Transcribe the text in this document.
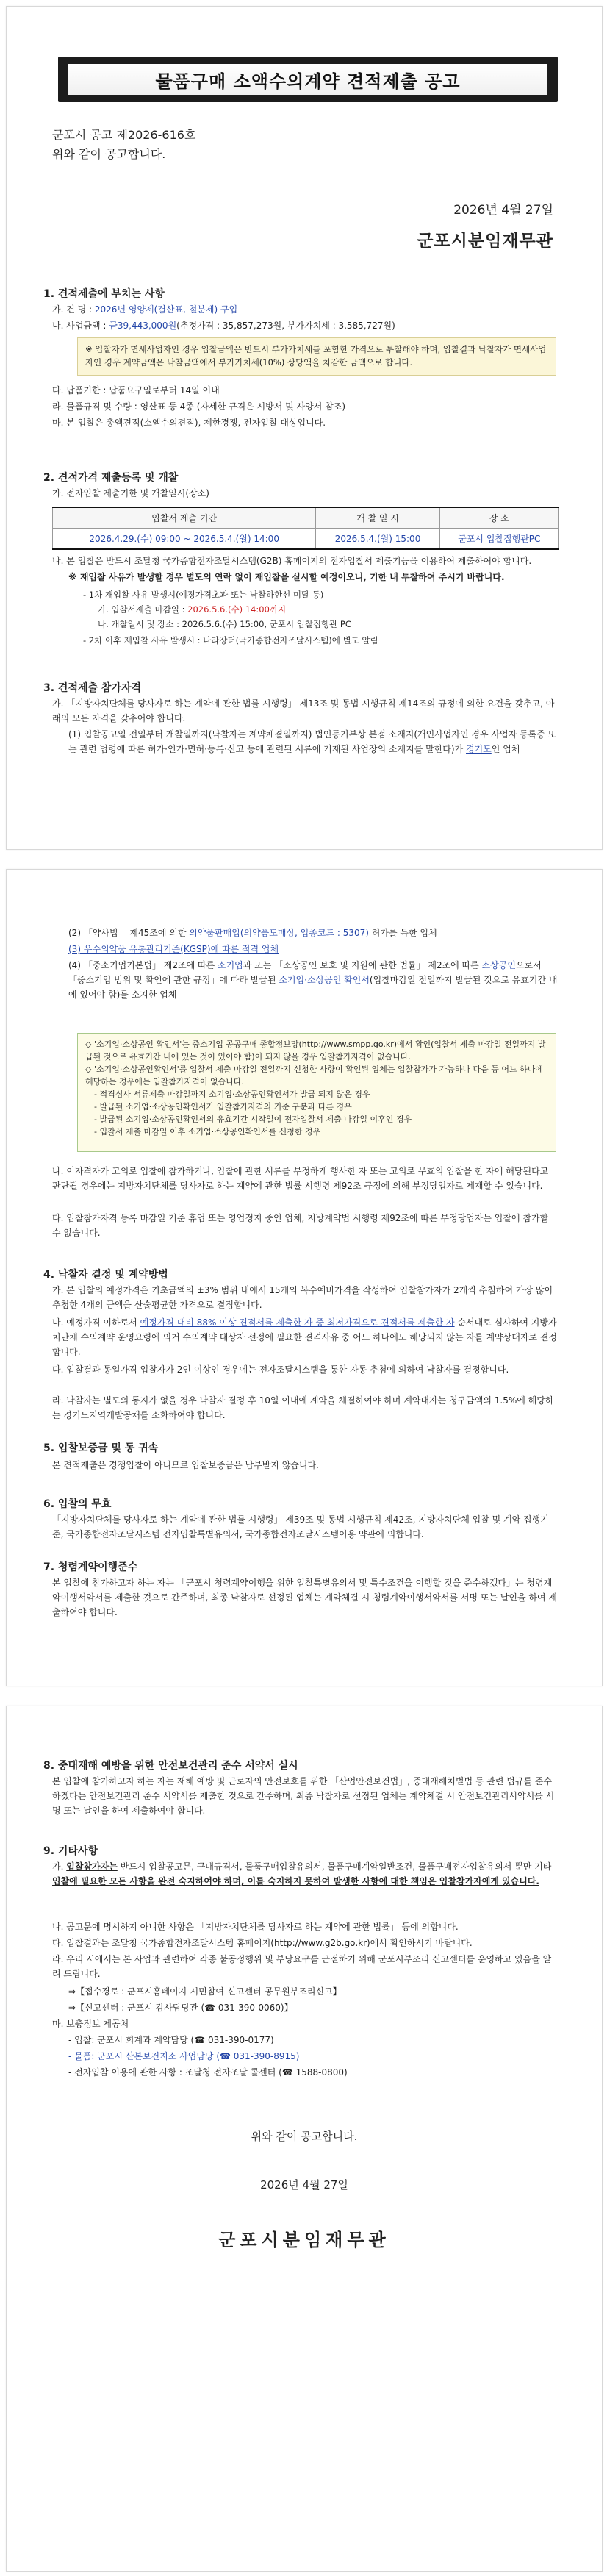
물품구매 소액수의계약 견적제출 공고
군포시 공고 제2026-616호
위와 같이 공고합니다.
2026년 4월 27일
군포시분임재무관
1. 견적제출에 부치는 사항
가. 건 명 : 2026년 영양제(결산표, 철분제) 구입
나. 사업금액 : 금39,443,000원(추정가격 : 35,857,273원, 부가가치세 : 3,585,727원)
※ 입찰자가 면세사업자인 경우 입찰금액은 반드시 부가가치세를 포함한 가격으로 투찰해야 하며, 입찰결과 낙찰자가 면세사업자인 경우 계약금액은 낙찰금액에서 부가가치세(10%) 상당액을 차감한 금액으로 합니다.
다. 납품기한 : 납품요구일로부터 14일 이내
라. 물품규격 및 수량 : 영산표 등 4종 (자세한 규격은 시방서 및 사양서 참조)
마. 본 입찰은 총액견적(소액수의견적), 제한경쟁, 전자입찰 대상입니다.
2. 견적가격 제출등록 및 개찰
가. 전자입찰 제출기한 및 개찰일시(장소)
입찰서 제출 기간	개 찰 일 시	장 소
2026.4.29.(수) 09:00 ~ 2026.5.4.(월) 14:00	2026.5.4.(월) 15:00	군포시 입찰집행관PC
나. 본 입찰은 반드시 조달청 국가종합전자조달시스템(G2B) 홈페이지의 전자입찰서 제출기능을 이용하여 제출하여야 합니다.
※ 재입찰 사유가 발생할 경우 별도의 연락 없이 재입찰을 실시할 예정이오니, 기한 내 투찰하여 주시기 바랍니다.
- 1차 재입찰 사유 발생시(예정가격초과 또는 낙찰하한선 미달 등)
가. 입찰서제출 마감일 : 2026.5.6.(수) 14:00까지
나. 개찰일시 및 장소 : 2026.5.6.(수) 15:00, 군포시 입찰집행관 PC
- 2차 이후 재입찰 사유 발생시 : 나라장터(국가종합전자조달시스템)에 별도 알림
3. 견적제출 참가자격
가. 「지방자치단체를 당사자로 하는 계약에 관한 법률 시행령」 제13조 및 동법 시행규칙 제14조의 규정에 의한 요건을 갖추고, 아래의 모든 자격을 갖추어야 합니다.
(1) 입찰공고일 전일부터 개찰일까지(낙찰자는 계약체결일까지) 법인등기부상 본점 소재지(개인사업자인 경우 사업자 등록증 또는 관련 법령에 따른 허가·인가·면허·등록·신고 등에 관련된 서류에 기재된 사업장의 소재지를 말한다)가 경기도인 업체
(2) 「약사법」 제45조에 의한 의약품판매업(의약품도매상, 업종코드 : 5307) 허가를 득한 업체
(3) 우수의약품 유통관리기준(KGSP)에 따른 적격 업체
(4) 「중소기업기본법」 제2조에 따른 소기업과 또는 「소상공인 보호 및 지원에 관한 법률」 제2조에 따른 소상공인으로서 「중소기업 범위 및 확인에 관한 규정」에 따라 발급된 소기업·소상공인 확인서(입찰마감일 전일까지 발급된 것으로 유효기간 내에 있어야 함)를 소지한 업체
◇ '소기업·소상공인 확인서'는 중소기업 공공구매 종합정보망(http://www.smpp.go.kr)에서 확인(입찰서 제출 마감일 전일까지 발급된 것으로 유효기간 내에 있는 것이 있어야 함)이 되지 않을 경우 입찰참가자격이 없습니다.
◇ '소기업·소상공인확인서'를 입찰서 제출 마감일 전일까지 신청한 사항이 확인된 업체는 입찰참가가 가능하나 다음 등 어느 하나에 해당하는 경우에는 입찰참가자격이 없습니다.
- 적격심사 서류제출 마감일까지 소기업·소상공인확인서가 발급 되지 않은 경우
- 발급된 소기업·소상공인확인서가 입찰참가자격의 기준 구분과 다른 경우
- 발급된 소기업·소상공인확인서의 유효기간 시작일이 전자입찰서 제출 마감일 이후인 경우
- 입찰서 제출 마감일 이후 소기업·소상공인확인서를 신청한 경우
나. 이자격자가 고의로 입찰에 참가하거나, 입찰에 관한 서류를 부정하게 행사한 자 또는 고의로 무효의 입찰을 한 자에 해당된다고 판단될 경우에는 지방자치단체를 당사자로 하는 계약에 관한 법률 시행령 제92조 규정에 의해 부정당업자로 제재할 수 있습니다.
다. 입찰참가자격 등록 마감일 기준 휴업 또는 영업정지 중인 업체, 지방계약법 시행령 제92조에 따른 부정당업자는 입찰에 참가할 수 없습니다.
4. 낙찰자 결정 및 계약방법
가. 본 입찰의 예정가격은 기초금액의 ±3% 범위 내에서 15개의 복수예비가격을 작성하여 입찰참가자가 2개씩 추첨하여 가장 많이 추첨한 4개의 금액을 산술평균한 가격으로 결정합니다.
나. 예정가격 이하로서 예정가격 대비 88% 이상 견적서를 제출한 자 중 최저가격으로 견적서를 제출한 자 순서대로 심사하여 지방자치단체 수의계약 운영요령에 의거 수의계약 대상자 선정에 필요한 결격사유 중 어느 하나에도 해당되지 않는 자를 계약상대자로 결정합니다.
다. 입찰결과 동일가격 입찰자가 2인 이상인 경우에는 전자조달시스템을 통한 자동 추첨에 의하여 낙찰자를 결정합니다.
라. 낙찰자는 별도의 통지가 없을 경우 낙찰자 결정 후 10일 이내에 계약을 체결하여야 하며 계약대자는 청구금액의 1.5%에 해당하는 경기도지역개발공채를 소화하여야 합니다.
5. 입찰보증금 및 동 귀속
본 견적제출은 경쟁입찰이 아니므로 입찰보증금은 납부받지 않습니다.
6. 입찰의 무효
「지방자치단체를 당사자로 하는 계약에 관한 법률 시행령」 제39조 및 동법 시행규칙 제42조, 지방자치단체 입찰 및 계약 집행기준, 국가종합전자조달시스템 전자입찰특별유의서, 국가종합전자조달시스템이용 약관에 의합니다.
7. 청렴계약이행준수
본 입찰에 참가하고자 하는 자는 「군포시 청렴계약이행을 위한 입찰특별유의서 및 특수조건을 이행할 것을 준수하겠다」는 청렴계약이행서약서를 제출한 것으로 간주하며, 최종 낙찰자로 선정된 업체는 계약체결 시 청렴계약이행서약서를 서명 또는 날인을 하여 제출하여야 합니다.
8. 중대재해 예방을 위한 안전보건관리 준수 서약서 실시
본 입찰에 참가하고자 하는 자는 재해 예방 및 근로자의 안전보호를 위한 「산업안전보건법」, 중대재해처벌법 등 관련 법규를 준수하겠다는 안전보건관리 준수 서약서를 제출한 것으로 간주하며, 최종 낙찰자로 선정된 업체는 계약체결 시 안전보건관리서약서를 서명 또는 날인을 하여 제출하여야 합니다.
9. 기타사항
가. 입찰참가자는 반드시 입찰공고문, 구매규격서, 물품구매입찰유의서, 물품구매계약일반조건, 물품구매전자입찰유의서 뿐만 기타 입찰에 필요한 모든 사항을 완전 숙지하여야 하며, 이를 숙지하지 못하여 발생한 사항에 대한 책임은 입찰참가자에게 있습니다.
나. 공고문에 명시하지 아니한 사항은 「지방자치단체를 당사자로 하는 계약에 관한 법률」 등에 의합니다.
다. 입찰결과는 조달청 국가종합전자조달시스템 홈페이지(http://www.g2b.go.kr)에서 확인하시기 바랍니다.
라. 우리 시에서는 본 사업과 관련하여 각종 불공정행위 및 부당요구를 근절하기 위해 군포시부조리 신고센터를 운영하고 있음을 알려 드립니다.
⇒【접수경로 : 군포시홈페이지-시민참여-신고센터-공무원부조리신고】
⇒【신고센터 : 군포시 감사담당관 (☎ 031-390-0060)】
마. 보충정보 제공처
- 입찰: 군포시 회계과 계약담당 (☎ 031-390-0177)
- 물품: 군포시 산본보건지소 사업담당 (☎ 031-390-8915)
- 전자입찰 이용에 관한 사항 : 조달청 전자조달 콜센터 (☎ 1588-0800)
위와 같이 공고합니다.
2026년 4월 27일
군포시분임재무관
